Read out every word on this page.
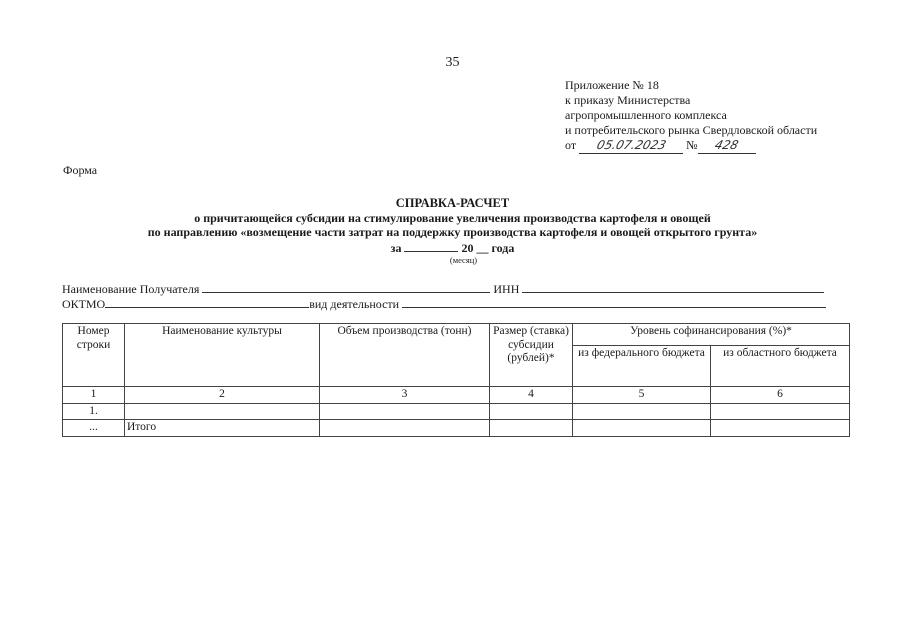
35
Приложение № 18
к приказу Министерства
агропромышленного комплекса
и потребительского рынка Свердловской области
от 05.07.2023 № 428
Форма
СПРАВКА-РАСЧЕТ
о причитающейся субсидии на стимулирование увеличения производства картофеля и овощей
по направлению «возмещение части затрат на поддержку производства картофеля и овощей открытого грунта»
за	20 __ года
(месяц)
Наименование Получателя	ИНН
ОКТМО	вид деятельности
Номер строки	Наименование культуры	Объем производства (тонн)	Размер (ставка) субсидии (рублей)*	Уровень софинансирования (%)*	
				из федерального бюджета	из областного бюджета
1	2	3	4	5	6
1.					
...	Итого				
